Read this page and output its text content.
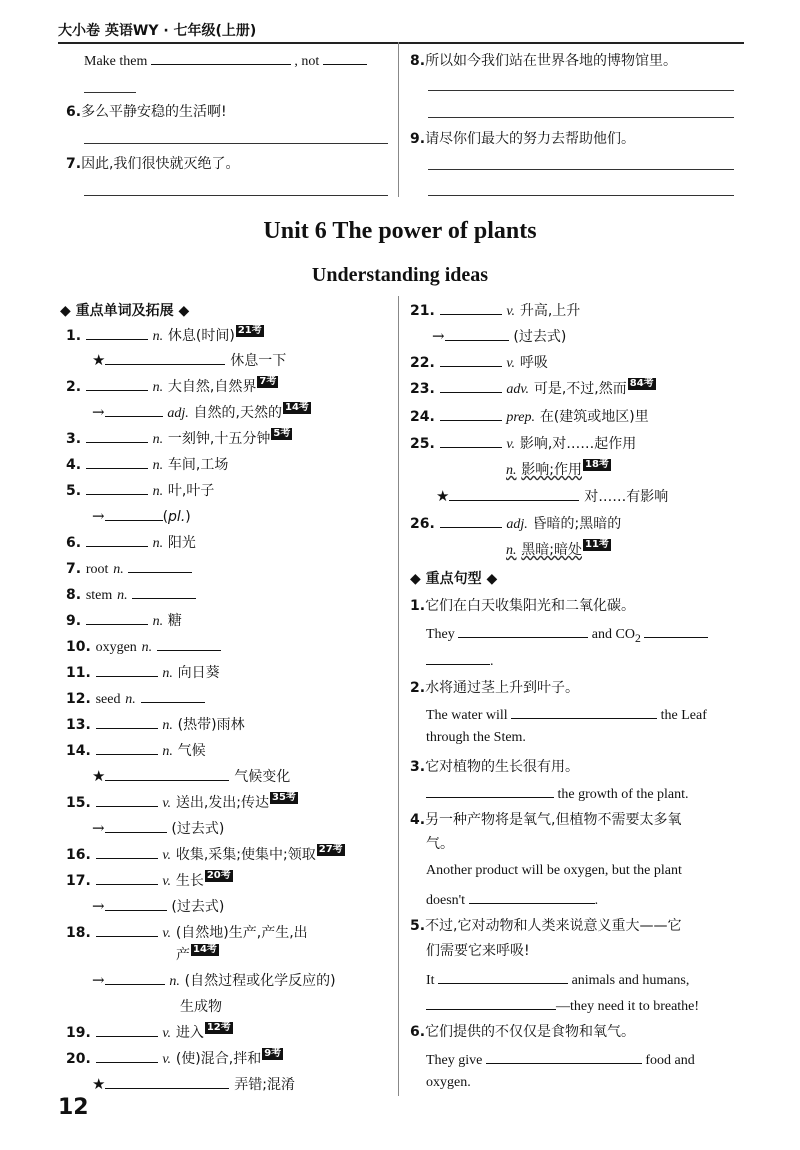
大小卷 英语WY · 七年级(上册)
Make them	, not
6.多么平静安稳的生活啊!
7.因此,我们很快就灭绝了。
8.所以如今我们站在世界各地的博物馆里。
9.请尽你们最大的努力去帮助他们。
Unit 6 The power of plants
Understanding ideas
◆ 重点单词及拓展 ◆
1.	n. 休息(时间) 21考
★	休息一下
2.	n. 大自然,自然界 7考
→	adj. 自然的,天然的 14考
3.	n. 一刻钟,十五分钟 5考
4.	n. 车间,工场
5.	n. 叶,叶子
→	(pl.)
6.	n. 阳光
7. root n.
8. stem n.
9.	n. 糖
10. oxygen n.
11.	n. 向日葵
12. seed n.
13.	n. (热带)雨林
14.	n. 气候
★	气候变化
15.	v. 送出,发出;传达 35考
→	(过去式)
16.	v. 收集,采集;使集中;领取 27考
17.	v. 生长 20考
→	(过去式)
18.	v. (自然地)生产,产生,出
产 14考
→	n. (自然过程或化学反应的)
生成物
19.	v. 进入 12考
20.	v. (使)混合,拌和 9考
★	弄错;混淆
21.	v. 升高,上升
→	(过去式)
22.	v. 呼吸
23.	adv. 可是,不过,然而 84考
24.	prep. 在(建筑或地区)里
25.	v. 影响,对……起作用
n. 影响;作用 18考
★	对……有影响
26.	adj. 昏暗的;黑暗的
n. 黑暗;暗处 11考
◆ 重点句型 ◆
1.它们在白天收集阳光和二氧化碳。
They	and $CO_2$
.
2.水将通过茎上升到叶子。
The water will	the Leaf
through the Stem.
3.它对植物的生长很有用。
the growth of the plant.
4.另一种产物将是氧气,但植物不需要太多氧
气。
Another product will be oxygen, but the plant
doesn't	.
5.不过,它对动物和人类来说意义重大——它
们需要它来呼吸!
It	animals and humans,
—they need it to breathe!
6.它们提供的不仅仅是食物和氧气。
They give	food and
oxygen.
12
